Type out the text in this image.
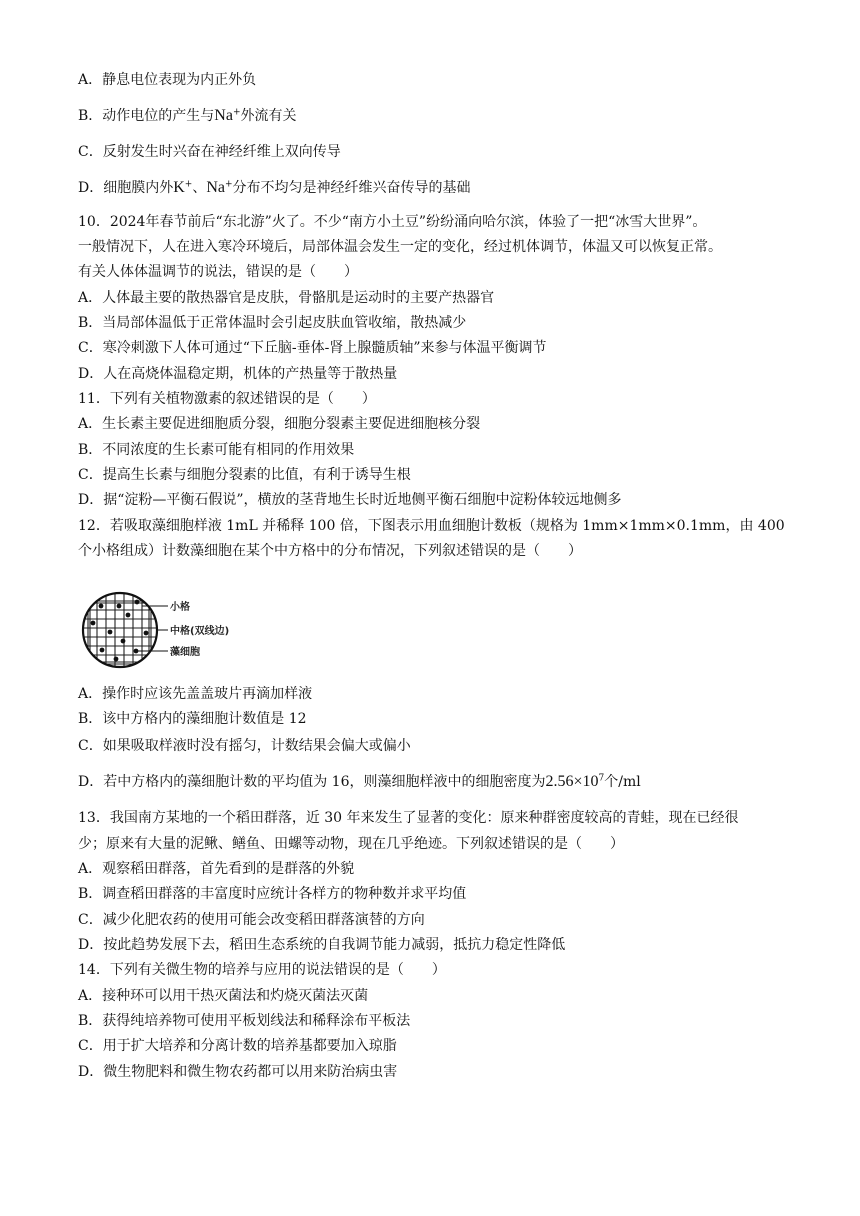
A．静息电位表现为内正外负
B．动作电位的产生与Na+外流有关
C．反射发生时兴奋在神经纤维上双向传导
D．细胞膜内外K+、Na+分布不均匀是神经纤维兴奋传导的基础
10．2024年春节前后“东北游”火了。不少“南方小土豆”纷纷涌向哈尔滨，体验了一把“冰雪大世界”。
一般情况下，人在进入寒冷环境后，局部体温会发生一定的变化，经过机体调节，体温又可以恢复正常。
有关人体体温调节的说法，错误的是（　　）
A．人体最主要的散热器官是皮肤，骨骼肌是运动时的主要产热器官
B．当局部体温低于正常体温时会引起皮肤血管收缩，散热减少
C．寒冷刺激下人体可通过“下丘脑-垂体-肾上腺髓质轴”来参与体温平衡调节
D．人在高烧体温稳定期，机体的产热量等于散热量
11．下列有关植物激素的叙述错误的是（　　）
A．生长素主要促进细胞质分裂，细胞分裂素主要促进细胞核分裂
B．不同浓度的生长素可能有相同的作用效果
C．提高生长素与细胞分裂素的比值，有利于诱导生根
D．据“淀粉—平衡石假说”，横放的茎背地生长时近地侧平衡石细胞中淀粉体较远地侧多
12．若吸取藻细胞样液 1mL 并稀释 100 倍，下图表示用血细胞计数板（规格为 1mm×1mm×0.1mm，由 400
个小格组成）计数藻细胞在某个中方格中的分布情况，下列叙述错误的是（　　）
小格
中格(双线边)
藻细胞
A．操作时应该先盖盖玻片再滴加样液
B．该中方格内的藻细胞计数值是 12
C．如果吸取样液时没有摇匀，计数结果会偏大或偏小
D．若中方格内的藻细胞计数的平均值为 16，则藻细胞样液中的细胞密度为$2.56\times 10^7$个/ml
13．我国南方某地的一个稻田群落，近 30 年来发生了显著的变化：原来种群密度较高的青蛙，现在已经很
少；原来有大量的泥鳅、鳝鱼、田螺等动物，现在几乎绝迹。下列叙述错误的是（　　）
A．观察稻田群落，首先看到的是群落的外貌
B．调查稻田群落的丰富度时应统计各样方的物种数并求平均值
C．减少化肥农药的使用可能会改变稻田群落演替的方向
D．按此趋势发展下去，稻田生态系统的自我调节能力减弱，抵抗力稳定性降低
14．下列有关微生物的培养与应用的说法错误的是（　　）
A．接种环可以用干热灭菌法和灼烧灭菌法灭菌
B．获得纯培养物可使用平板划线法和稀释涂布平板法
C．用于扩大培养和分离计数的培养基都要加入琼脂
D．微生物肥料和微生物农药都可以用来防治病虫害
